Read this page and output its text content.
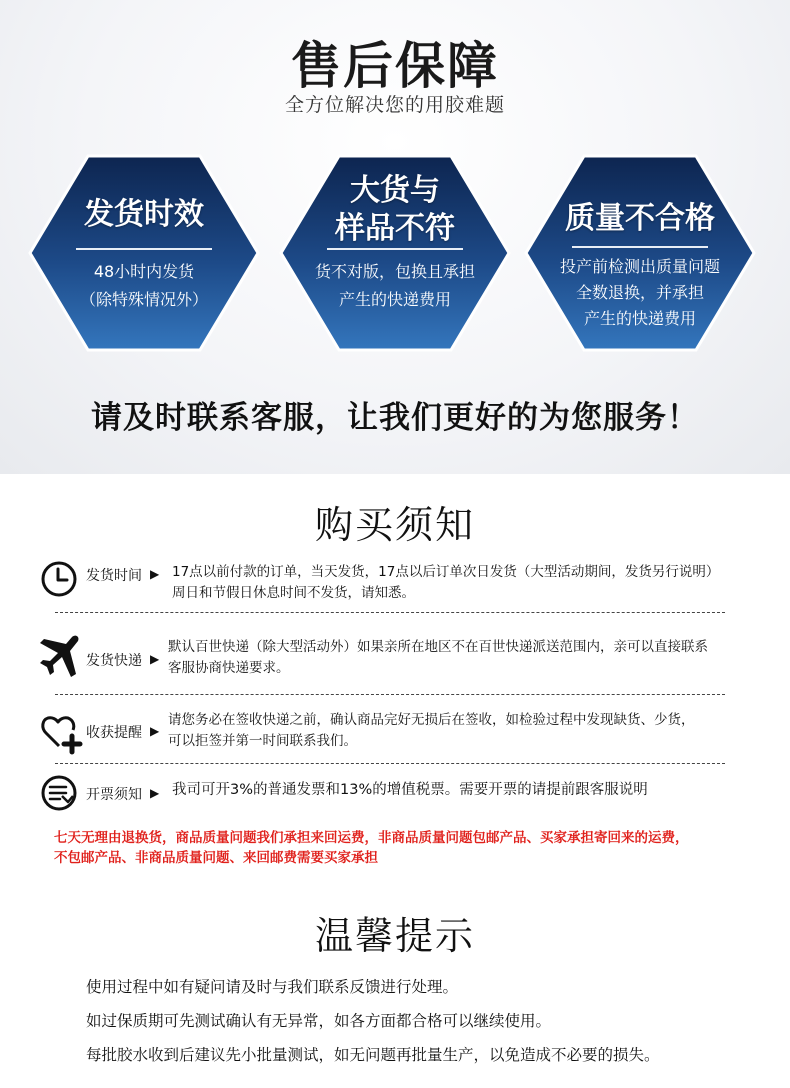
售后保障
全方位解决您的用胶难题
发货时效
48小时内发货
（除特殊情况外）
大货与
样品不符
货不对版，包换且承担
产生的快递费用
质量不合格
投产前检测出质量问题
全数退换，并承担
产生的快递费用
请及时联系客服，让我们更好的为您服务！
购买须知
发货时间 ▶ 17点以前付款的订单，当天发货，17点以后订单次日发货（大型活动期间，发货另行说明）
周日和节假日休息时间不发货，请知悉。
发货快递 ▶
默认百世快递（除大型活动外）如果亲所在地区不在百世快递派送范围内，亲可以直接联系
客服协商快递要求。
收获提醒 ▶
请您务必在签收快递之前，确认商品完好无损后在签收，如检验过程中发现缺货、少货，
可以拒签并第一时间联系我们。
开票须知 ▶ 我司可开3%的普通发票和13%的增值税票。需要开票的请提前跟客服说明
七天无理由退换货，商品质量问题我们承担来回运费，非商品质量问题包邮产品、买家承担寄回来的运费，
不包邮产品、非商品质量问题、来回邮费需要买家承担
温馨提示
使用过程中如有疑问请及时与我们联系反馈进行处理。
如过保质期可先测试确认有无异常，如各方面都合格可以继续使用。
每批胶水收到后建议先小批量测试，如无问题再批量生产，以免造成不必要的损失。
